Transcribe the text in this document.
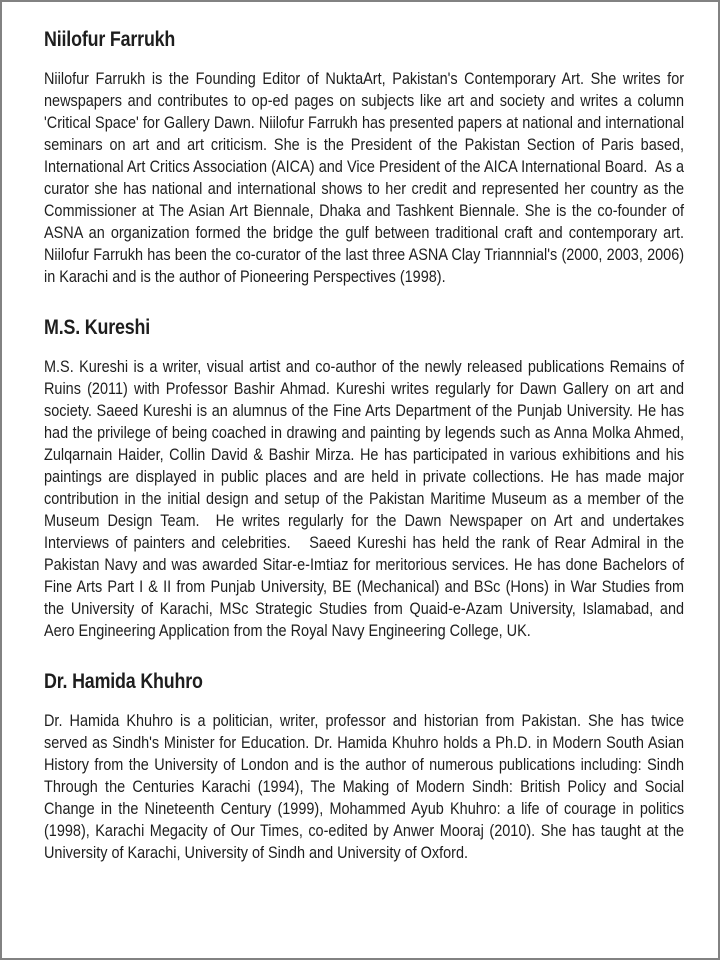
Niilofur Farrukh

Niilofur Farrukh is the Founding Editor of NuktaArt, Pakistan's Contemporary Art. She writes for newspapers and contributes to op-ed pages on subjects like art and society and writes a column 'Critical Space' for Gallery Dawn. Niilofur Farrukh has presented papers at national and international seminars on art and art criticism. She is the President of the Pakistan Section of Paris based, International Art Critics Association (AICA) and Vice President of the AICA International Board.  As a curator she has national and international shows to her credit and represented her country as the Commissioner at The Asian Art Biennale, Dhaka and Tashkent Biennale. She is the co-founder of ASNA an organization formed the bridge the gulf between traditional craft and contemporary art. Niilofur Farrukh has been the co-curator of the last three ASNA Clay Triannnial's (2000, 2003, 2006) in Karachi and is the author of Pioneering Perspectives (1998).

M.S. Kureshi

M.S. Kureshi is a writer, visual artist and co-author of the newly released publications Remains of Ruins (2011) with Professor Bashir Ahmad. Kureshi writes regularly for Dawn Gallery on art and society. Saeed Kureshi is an alumnus of the Fine Arts Department of the Punjab University. He has had the privilege of being coached in drawing and painting by legends such as Anna Molka Ahmed, Zulqarnain Haider, Collin David & Bashir Mirza. He has participated in various exhibitions and his paintings are displayed in public places and are held in private collections. He has made major contribution in the initial design and setup of the Pakistan Maritime Museum as a member of the Museum Design Team.  He writes regularly for the Dawn Newspaper on Art and undertakes Interviews of painters and celebrities.   Saeed Kureshi has held the rank of Rear Admiral in the Pakistan Navy and was awarded Sitar-e-Imtiaz for meritorious services. He has done Bachelors of Fine Arts Part I & II from Punjab University, BE (Mechanical) and BSc (Hons) in War Studies from the University of Karachi, MSc Strategic Studies from Quaid-e-Azam University, Islamabad, and Aero Engineering Application from the Royal Navy Engineering College, UK.

Dr. Hamida Khuhro

Dr. Hamida Khuhro is a politician, writer, professor and historian from Pakistan. She has twice served as Sindh's Minister for Education. Dr. Hamida Khuhro holds a Ph.D. in Modern South Asian History from the University of London and is the author of numerous publications including: Sindh Through the Centuries Karachi (1994), The Making of Modern Sindh: British Policy and Social Change in the Nineteenth Century (1999), Mohammed Ayub Khuhro: a life of courage in politics (1998), Karachi Megacity of Our Times, co-edited by Anwer Mooraj (2010). She has taught at the University of Karachi, University of Sindh and University of Oxford.
